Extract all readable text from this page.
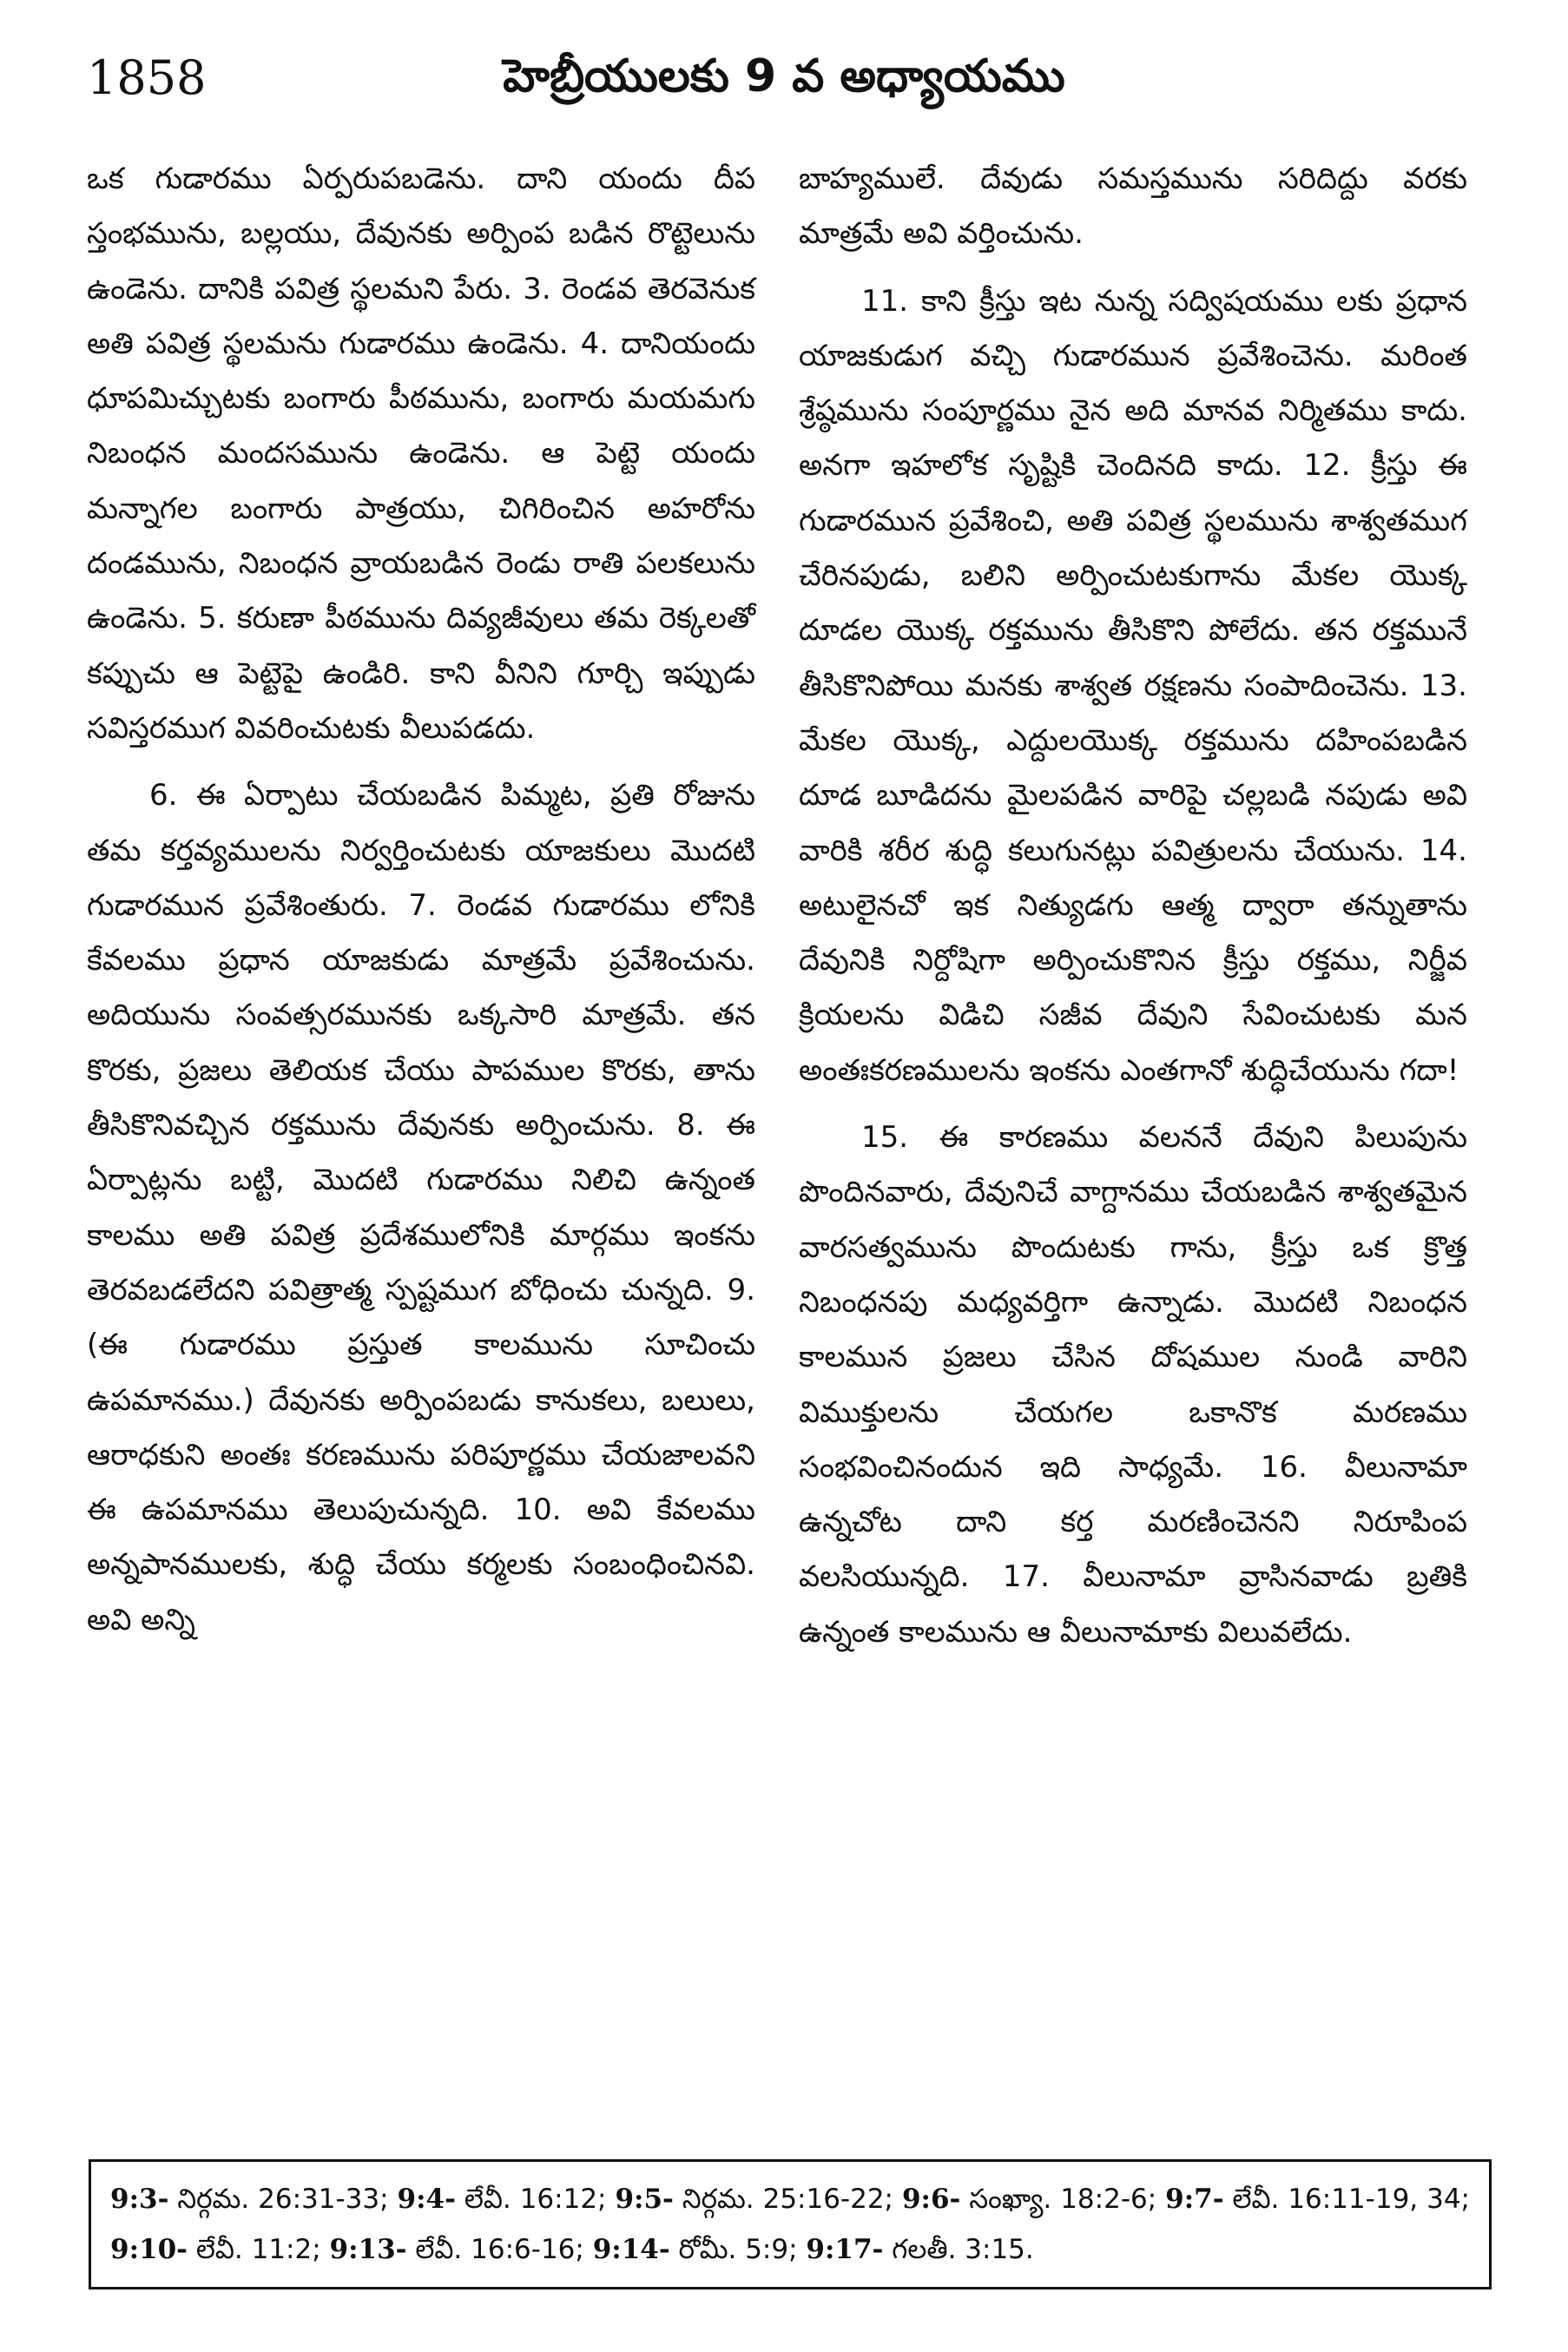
1858	హెబ్రీయులకు 9 వ అధ్యాయము

ఒక గుడారము ఏర్పరుపబడెను. దాని యందు దీప స్తంభమును, బల్లయు, దేవునకు అర్పింప బడిన రొట్టెలును ఉండెను. దానికి పవిత్ర స్థలమని పేరు. 3. రెండవ తెరవెనుక అతి పవిత్ర స్థలమను గుడారము ఉండెను. 4. దానియందు ధూపమిచ్చుటకు బంగారు పీఠమును, బంగారు మయమగు నిబంధన మందసమును ఉండెను. ఆ పెట్టె యందు మన్నాగల బంగారు పాత్రయు, చిగిరించిన అహరోను దండమును, నిబంధన వ్రాయబడిన రెండు రాతి పలకలును ఉండెను. 5. కరుణా పీఠమును దివ్యజీవులు తమ రెక్కలతో కప్పుచు ఆ పెట్టెపై ఉండిరి. కాని వీనిని గూర్చి ఇప్పుడు సవిస్తరముగ వివరించుటకు వీలుపడదు.

6. ఈ ఏర్పాటు చేయబడిన పిమ్మట, ప్రతి రోజును తమ కర్తవ్యములను నిర్వర్తించుటకు యాజకులు మొదటి గుడారమున ప్రవేశింతురు. 7. రెండవ గుడారము లోనికి కేవలము ప్రధాన యాజకుడు మాత్రమే ప్రవేశించును. అదియును సంవత్సరమునకు ఒక్కసారి మాత్రమే. తన కొరకు, ప్రజలు తెలియక చేయు పాపముల కొరకు, తాను తీసికొనివచ్చిన రక్తమును దేవునకు అర్పించును. 8. ఈ ఏర్పాట్లను బట్టి, మొదటి గుడారము నిలిచి ఉన్నంత కాలము అతి పవిత్ర ప్రదేశములోనికి మార్గము ఇంకను తెరవబడలేదని పవిత్రాత్మ స్పష్టముగ బోధించు చున్నది. 9. (ఈ గుడారము ప్రస్తుత కాలమును సూచించు ఉపమానము.) దేవునకు అర్పింపబడు కానుకలు, బలులు, ఆరాధకుని అంతః కరణమును పరిపూర్ణము చేయజాలవని ఈ ఉపమానము తెలుపుచున్నది. 10. అవి కేవలము అన్నపానములకు, శుద్ధి చేయు కర్మలకు సంబంధించినవి. అవి అన్ని

బాహ్యములే. దేవుడు సమస్తమును సరిదిద్దు వరకు మాత్రమే అవి వర్తించును.

11. కాని క్రీస్తు ఇట నున్న సద్విషయము లకు ప్రధాన యాజకుడుగ వచ్చి గుడారమున ప్రవేశించెను. మరింత శ్రేష్ఠమును సంపూర్ణము నైన అది మానవ నిర్మితము కాదు. అనగా ఇహలోక సృష్టికి చెందినది కాదు. 12. క్రీస్తు ఈ గుడారమున ప్రవేశించి, అతి పవిత్ర స్థలమును శాశ్వతముగ చేరినపుడు, బలిని అర్పించుటకుగాను మేకల యొక్క దూడల యొక్క రక్తమును తీసికొని పోలేదు. తన రక్తమునే తీసికొనిపోయి మనకు శాశ్వత రక్షణను సంపాదించెను. 13. మేకల యొక్క, ఎద్దులయొక్క రక్తమును దహింపబడిన దూడ బూడిదను మైలపడిన వారిపై చల్లబడి నపుడు అవి వారికి శరీర శుద్ధి కలుగునట్లు పవిత్రులను చేయును. 14. అటులైనచో ఇక నిత్యుడగు ఆత్మ ద్వారా తన్నుతాను దేవునికి నిర్దోషిగా అర్పించుకొనిన క్రీస్తు రక్తము, నిర్జీవ క్రియలను విడిచి సజీవ దేవుని సేవించుటకు మన అంతఃకరణములను ఇంకను ఎంతగానో శుద్ధిచేయును గదా!

15. ఈ కారణము వలననే దేవుని పిలుపును పొందినవారు, దేవునిచే వాగ్దానము చేయబడిన శాశ్వతమైన వారసత్వమును పొందుటకు గాను, క్రీస్తు ఒక క్రొత్త నిబంధనపు మధ్యవర్తిగా ఉన్నాడు. మొదటి నిబంధన కాలమున ప్రజలు చేసిన దోషముల నుండి వారిని విముక్తులను చేయగల ఒకానొక మరణము సంభవించినందున ఇది సాధ్యమే. 16. వీలునామా ఉన్నచోట దాని కర్త మరణించెనని నిరూపింప వలసియున్నది. 17. వీలునామా వ్రాసినవాడు బ్రతికి ఉన్నంత కాలమును ఆ వీలునామాకు విలువలేదు.

9:3- నిర్గమ. 26:31-33; 9:4- లేవీ. 16:12; 9:5- నిర్గమ. 25:16-22; 9:6- సంఖ్యా. 18:2-6; 9:7- లేవీ. 16:11-19, 34; 9:10- లేవీ. 11:2; 9:13- లేవీ. 16:6-16; 9:14- రోమీ. 5:9; 9:17- గలతీ. 3:15.
